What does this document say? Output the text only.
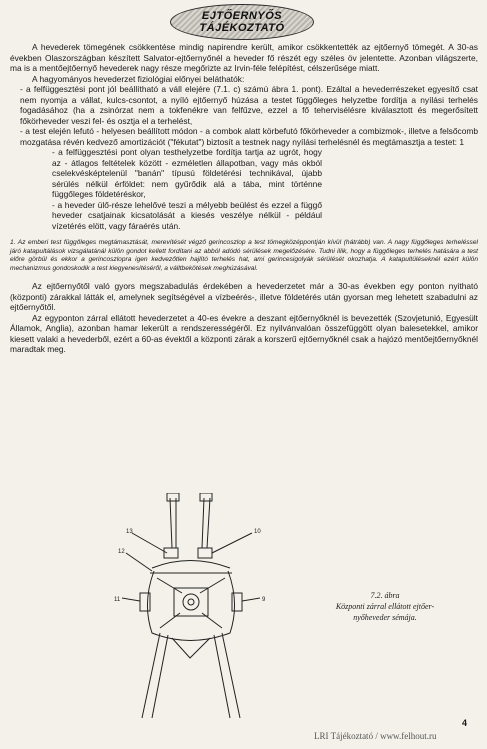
EJTŐERNYŐS
TÁJÉKOZTATÓ

A hevederek tömegének csökkentése mindig napirendre került, amikor csökkentették az ejtőernyő tömegét. A 30-as években Olaszországban készített Salvator-ejtőernyőnél a heveder fő részét egy széles öv jelentette. Azonban világszerte, ma is a mentőejtőernyő hevederek nagy része megőrizte az Irvin-féle felépítést, célszerűsége miatt.

A hagyományos hevederzet fiziológiai előnyei beláthatók:

- a felfüggesztési pont jól beállítható a váll elejére (7.1. c) számú ábra 1. pont). Ezáltal a hevederrészeket egyesítő csat nem nyomja a vállat, kulcs-csontot, a nyíló ejtőernyő húzása a testet függőleges helyzetbe fordítja a nyílási terhelés fogadásához (ha a zsinórzat nem a tokfenékre van felfűzve, ezzel a fő tehervisélésre kiválasztott és megerősített főkörheveder veszi fel- és osztja el a terhelést,

- a test elején lefutó - helyesen beállított módon - a combok alatt körbefutó főkörheveder a combizmok-, illetve a felsőcomb mozgatása révén kedvező amortizációt ("fékutat") biztosít a testnek nagy nyílási terhelésnél és megtámasztja a testet: 1

- a felfüggesztési pont olyan testhelyzetbe fordítja tartja az ugrót, hogy az - átlagos feltételek között - ezméletlen állapotban, vagy más okból cselekvésképtelenül "banán" típusú földetérési technikával, újabb sérülés nélkül érföldet: nem gyűrődik alá a tába, mint történne függőleges földetéréskor,

- a heveder ülő-része lehelővé teszi a mélyebb beülést és ezzel a függő heveder csatjainak kicsatolását a kiesés veszélye nélkül - például vízetérés elött, vagy fáraérés után.

1. Az emberi test függőleges megtámasztását, merevítését végző gerincoszlop a test tömegközéppontján kívül (hátrább) van. A nagy függőleges terheléssel járó katapultálások vizsgálatánál külön gondot kellett fordítani az abból adódó sérülések megelőzésére. Tudni illik, hogy a függőleges terhelés hatására a test előre görbül és ekkor a gerincoszlopra igen kedvezőtlen hajlító terhelés hat, ami gerincesigolyák sérülését okozhatja. A katapultüléseknél ezért külön mechanizmus gondoskodik a test kiegyenesítéséről, a válltbekötések meghúzásával.

Az ejtőernyőtől való gyors megszabadulás érdekében a hevederzetet már a 30-as években egy ponton nyitható (központi) zárakkal látták el, amelynek segítségével a vízbeérés-, illetve földetérés után gyorsan meg lehetett szabadulni az ejtőernyőtől.

Az egyponton zárral ellátott hevederzetet a 40-es évekre a deszant ejtőernyőknél is bevezették (Szovjetunió, Egyesült Államok, Anglia), azonban hamar lekerült a rendszerességéről. Ez nyilvánvalóan összefüggött olyan balesetekkel, amikor kiesett valaki a hevederből, ezért a 60-as évektől a központi zárak a korszerű ejtőernyőknél csak a hajózó mentőejtőernyőknél maradtak meg.

13
12
11
10
9	7.2. ábra
Központi zárral ellátott ejtőer-
nyőheveder sémája.
4
LRI Tájékoztató / www.felhout.ru
